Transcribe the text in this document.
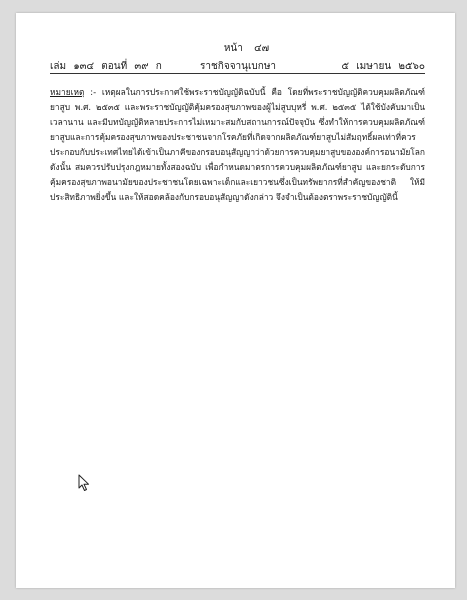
หน้า ๔๗
เล่ม ๑๓๔ ตอนที่ ๓๙ ก	ราชกิจจานุเบกษา	๕ เมษายน ๒๕๖๐
หมายเหตุ :- เหตุผลในการประกาศใช้พระราชบัญญัติฉบับนี้ คือ โดยที่พระราชบัญญัติควบคุมผลิตภัณฑ์ยาสูบ พ.ศ. ๒๕๓๕ และพระราชบัญญัติคุ้มครองสุขภาพของผู้ไม่สูบบุหรี่ พ.ศ. ๒๕๓๕ ได้ใช้บังคับมาเป็นเวลานาน และมีบทบัญญัติหลายประการไม่เหมาะสมกับสถานการณ์ปัจจุบัน ซึ่งทำให้การควบคุมผลิตภัณฑ์ยาสูบและการคุ้มครองสุขภาพของประชาชนจากโรคภัยที่เกิดจากผลิตภัณฑ์ยาสูบไม่สัมฤทธิ์ผลเท่าที่ควร ประกอบกับประเทศไทยได้เข้าเป็นภาคีของกรอบอนุสัญญาว่าด้วยการควบคุมยาสูบขององค์การอนามัยโลก ดังนั้น สมควรปรับปรุงกฎหมายทั้งสองฉบับ เพื่อกำหนดมาตรการควบคุมผลิตภัณฑ์ยาสูบ และยกระดับการคุ้มครองสุขภาพอนามัยของประชาชนโดยเฉพาะเด็กและเยาวชนซึ่งเป็นทรัพยากรที่สำคัญของชาติ ให้มีประสิทธิภาพยิ่งขึ้น และให้สอดคล้องกับกรอบอนุสัญญาดังกล่าว จึงจำเป็นต้องตราพระราชบัญญัตินี้
